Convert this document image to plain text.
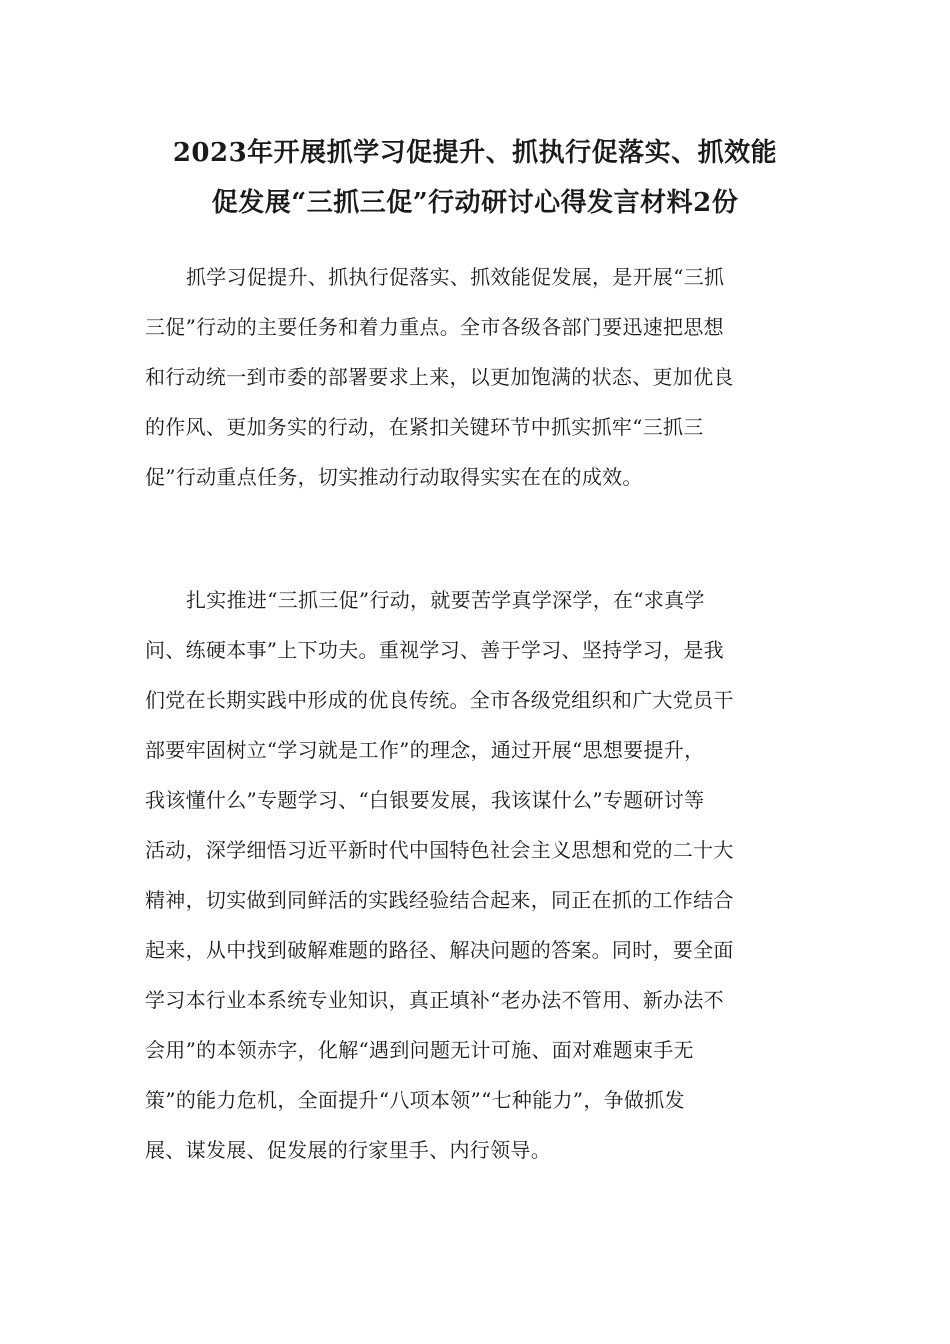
2023年开展抓学习促提升、抓执行促落实、抓效能
促发展“三抓三促”行动研讨心得发言材料2份
抓学习促提升、抓执行促落实、抓效能促发展，是开展“三抓
三促”行动的主要任务和着力重点。全市各级各部门要迅速把思想
和行动统一到市委的部署要求上来，以更加饱满的状态、更加优良
的作风、更加务实的行动，在紧扣关键环节中抓实抓牢“三抓三
促”行动重点任务，切实推动行动取得实实在在的成效。
扎实推进“三抓三促”行动，就要苦学真学深学，在“求真学
问、练硬本事”上下功夫。重视学习、善于学习、坚持学习，是我
们党在长期实践中形成的优良传统。全市各级党组织和广大党员干
部要牢固树立“学习就是工作”的理念，通过开展“思想要提升，
我该懂什么”专题学习、“白银要发展，我该谋什么”专题研讨等
活动，深学细悟习近平新时代中国特色社会主义思想和党的二十大
精神，切实做到同鲜活的实践经验结合起来，同正在抓的工作结合
起来，从中找到破解难题的路径、解决问题的答案。同时，要全面
学习本行业本系统专业知识，真正填补“老办法不管用、新办法不
会用”的本领赤字，化解“遇到问题无计可施、面对难题束手无
策”的能力危机，全面提升“八项本领”“七种能力”，争做抓发
展、谋发展、促发展的行家里手、内行领导。
